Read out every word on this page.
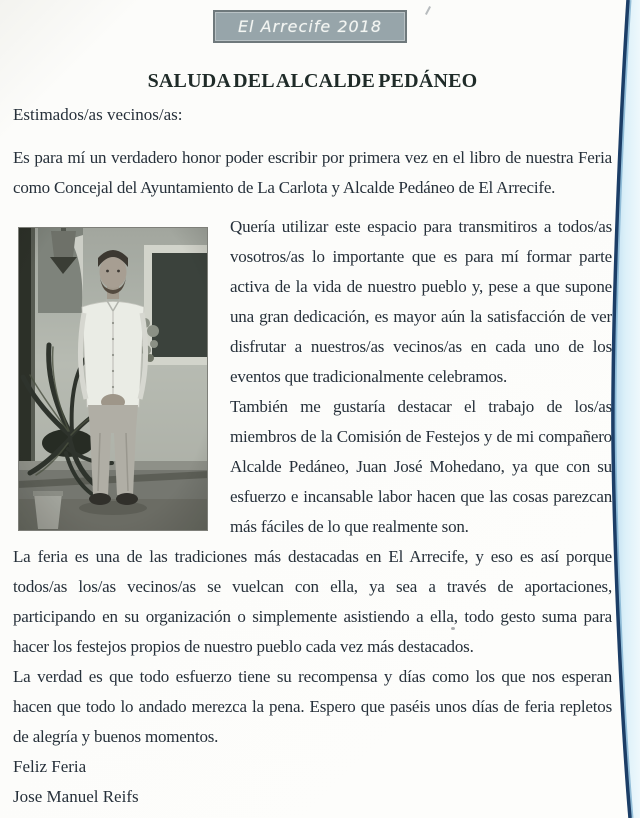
El Arrecife 2018
SALUDA DEL ALCALDE PEDÁNEO

Estimados/as vecinos/as:

Es para mí un verdadero honor poder escribir por primera vez en el libro de nuestra Feria como Concejal del Ayuntamiento de La Carlota y Alcalde Pedáneo de El Arrecife.

Quería utilizar este espacio para transmitiros a todos/as vosotros/as lo importante que es para mí formar parte activa de la vida de nuestro pueblo y, pese a que supone una gran dedicación, es mayor aún la satisfacción de ver disfrutar a nuestros/as vecinos/as en cada uno de los eventos que tradicionalmente celebramos.

También me gustaría destacar el trabajo de los/as miembros de la Comisión de Festejos y de mi compañero Alcalde Pedáneo, Juan José Mohedano, ya que con su esfuerzo e incansable labor hacen que las cosas parezcan más fáciles de lo que realmente son.

La feria es una de las tradiciones más destacadas en El Arrecife, y eso es así porque todos/as los/as vecinos/as se vuelcan con ella, ya sea a través de aportaciones, participando en su organización o simplemente asistiendo a ella, todo gesto suma para hacer los festejos propios de nuestro pueblo cada vez más destacados.

La verdad es que todo esfuerzo tiene su recompensa y días como los que nos esperan hacen que todo lo andado merezca la pena. Espero que paséis unos días de feria repletos de alegría y buenos momentos.

Feliz Feria

Jose Manuel Reifs
